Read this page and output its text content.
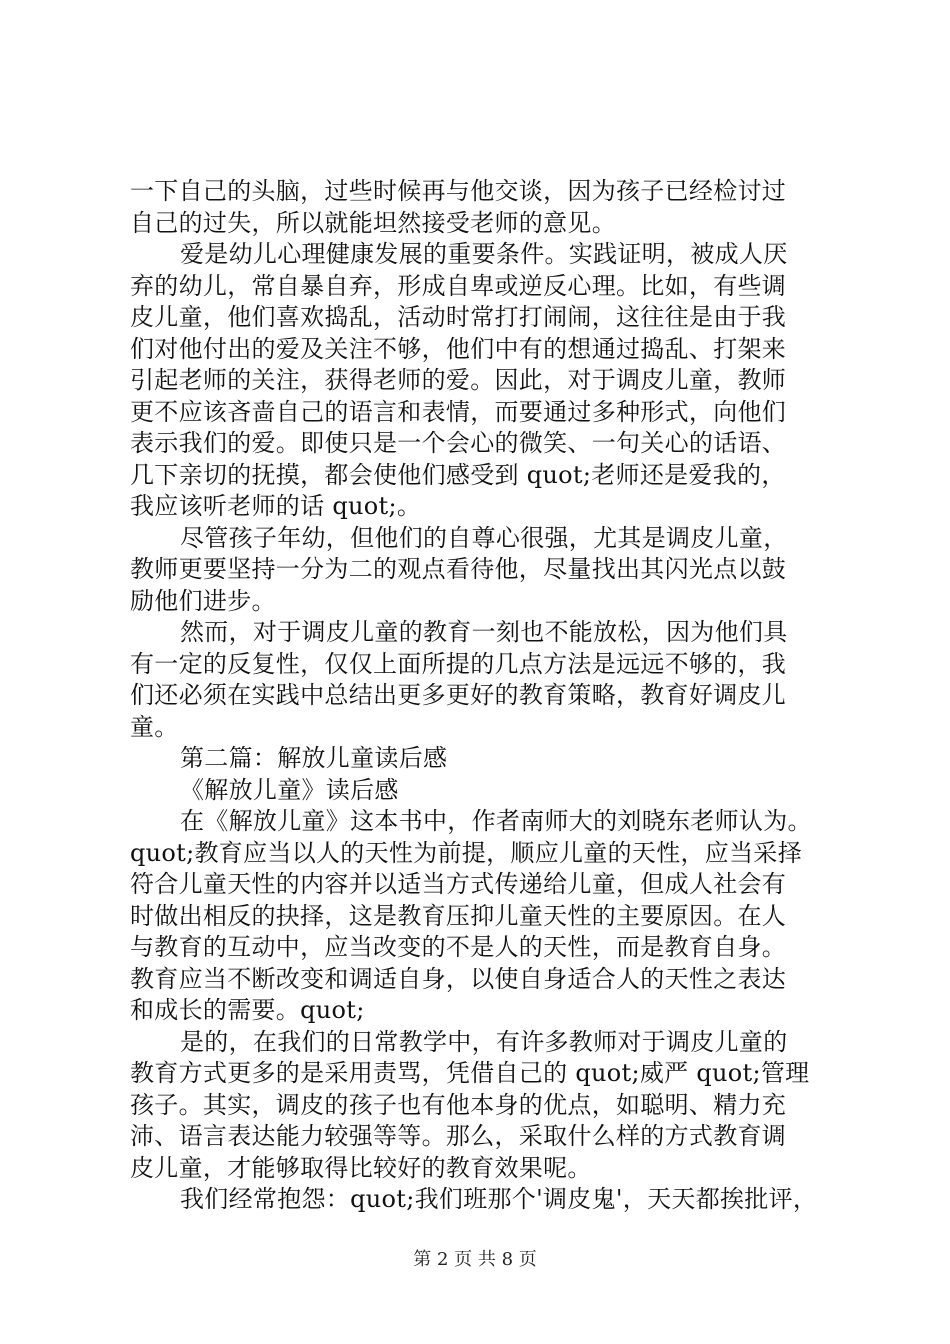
一下自己的头脑，过些时候再与他交谈，因为孩子已经检讨过
自己的过失，所以就能坦然接受老师的意见。
爱是幼儿心理健康发展的重要条件。实践证明，被成人厌
弃的幼儿，常自暴自弃，形成自卑或逆反心理。比如，有些调
皮儿童，他们喜欢捣乱，活动时常打打闹闹，这往往是由于我
们对他付出的爱及关注不够，他们中有的想通过捣乱、打架来
引起老师的关注，获得老师的爱。因此，对于调皮儿童，教师
更不应该吝啬自己的语言和表情，而要通过多种形式，向他们
表示我们的爱。即使只是一个会心的微笑、一句关心的话语、
几下亲切的抚摸，都会使他们感受到 quot;老师还是爱我的，
我应该听老师的话 quot;。
尽管孩子年幼，但他们的自尊心很强，尤其是调皮儿童，
教师更要坚持一分为二的观点看待他，尽量找出其闪光点以鼓
励他们进步。
然而，对于调皮儿童的教育一刻也不能放松，因为他们具
有一定的反复性，仅仅上面所提的几点方法是远远不够的，我
们还必须在实践中总结出更多更好的教育策略，教育好调皮儿
童。
第二篇：解放儿童读后感
《解放儿童》读后感
在《解放儿童》这本书中，作者南师大的刘晓东老师认为。
quot;教育应当以人的天性为前提，顺应儿童的天性，应当采择
符合儿童天性的内容并以适当方式传递给儿童，但成人社会有
时做出相反的抉择，这是教育压抑儿童天性的主要原因。在人
与教育的互动中，应当改变的不是人的天性，而是教育自身。
教育应当不断改变和调适自身，以使自身适合人的天性之表达
和成长的需要。quot;
是的，在我们的日常教学中，有许多教师对于调皮儿童的
教育方式更多的是采用责骂，凭借自己的 quot;威严 quot;管理
孩子。其实，调皮的孩子也有他本身的优点，如聪明、精力充
沛、语言表达能力较强等等。那么，采取什么样的方式教育调
皮儿童，才能够取得比较好的教育效果呢。
我们经常抱怨：quot;我们班那个'调皮鬼'，天天都挨批评，
第 2 页 共 8 页
